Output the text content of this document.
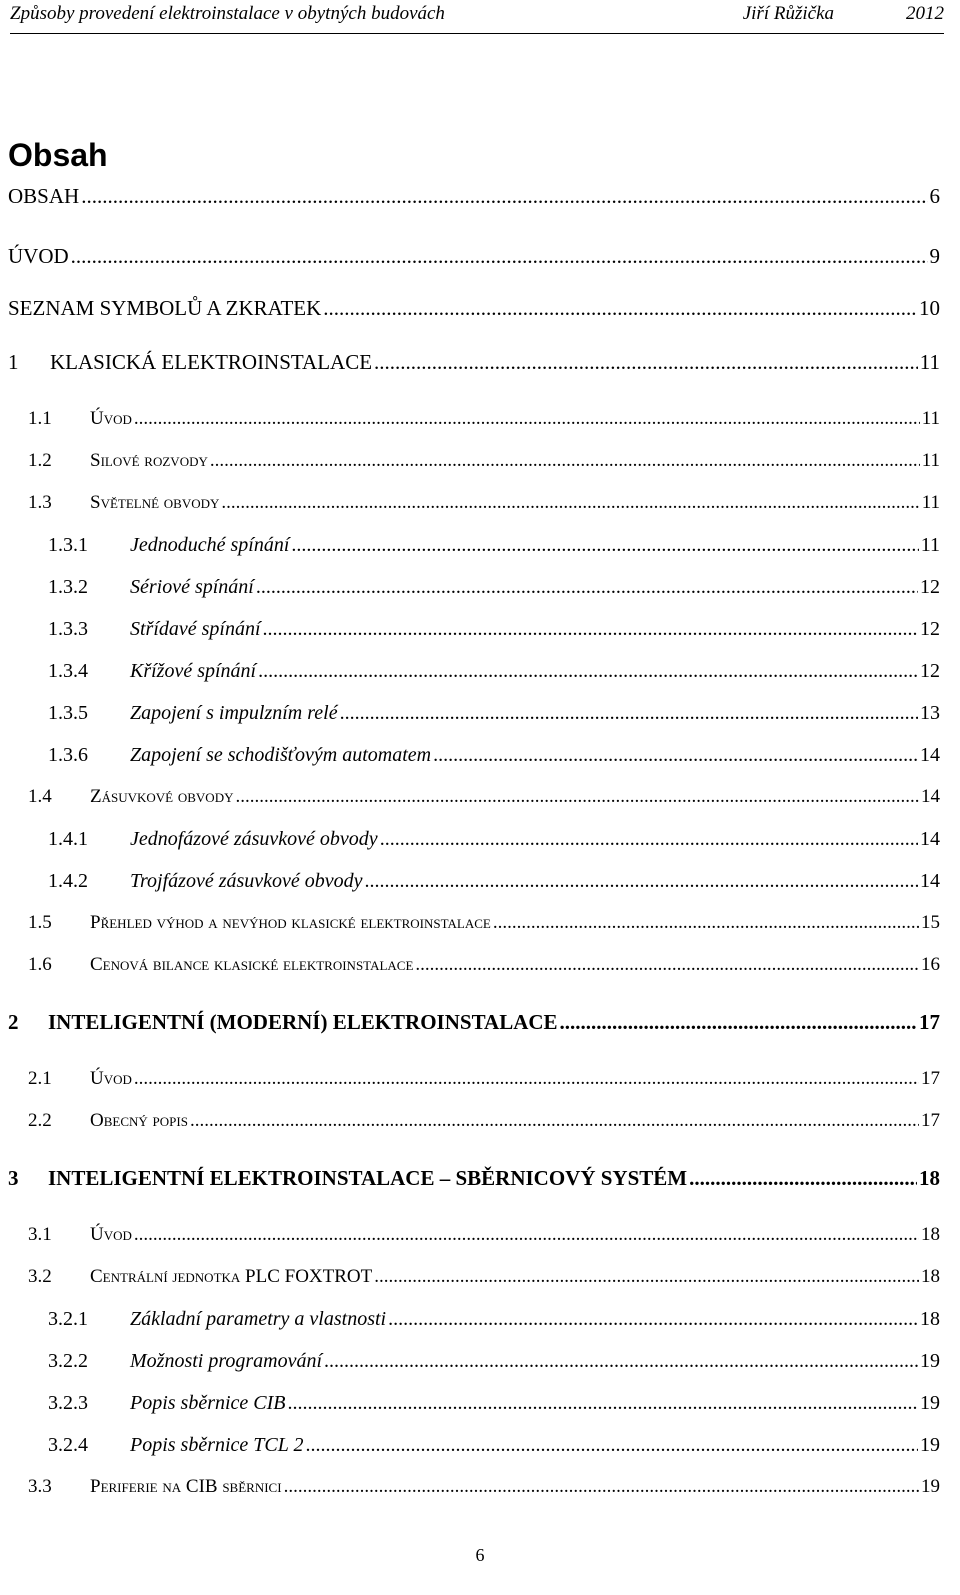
Způsoby provedení elektroinstalace v obytných budovách	Jiří Růžička	2012
Obsah
OBSAH .....	6
ÚVOD .....	9
SEZNAM SYMBOLŮ A ZKRATEK .....	10
1	KLASICKÁ ELEKTROINSTALACE .....	11
1.1	Úvod .....	11
1.2	Silové rozvody .....	11
1.3	Světelné obvody .....	11
1.3.1	Jednoduché spínání .....	11
1.3.2	Sériové spínání .....	12
1.3.3	Střídavé spínání .....	12
1.3.4	Křížové spínání .....	12
1.3.5	Zapojení s impulzním relé .....	13
1.3.6	Zapojení se schodišťovým automatem .....	14
1.4	Zásuvkové obvody .....	14
1.4.1	Jednofázové zásuvkové obvody .....	14
1.4.2	Trojfázové zásuvkové obvody .....	14
1.5	Přehled výhod a nevýhod klasické elektroinstalace .....	15
1.6	Cenová bilance klasické elektroinstalace .....	16
2	INTELIGENTNÍ (MODERNÍ) ELEKTROINSTALACE .....	17
2.1	Úvod .....	17
2.2	Obecný popis .....	17
3	INTELIGENTNÍ ELEKTROINSTALACE – SBĚRNICOVÝ SYSTÉM .....	18
3.1	Úvod .....	18
3.2	Centrální jednotka PLC FOXTROT .....	18
3.2.1	Základní parametry a vlastnosti .....	18
3.2.2	Možnosti programování .....	19
3.2.3	Popis sběrnice CIB .....	19
3.2.4	Popis sběrnice TCL 2 .....	19
3.3	Periferie na CIB sběrnici .....	19
6
